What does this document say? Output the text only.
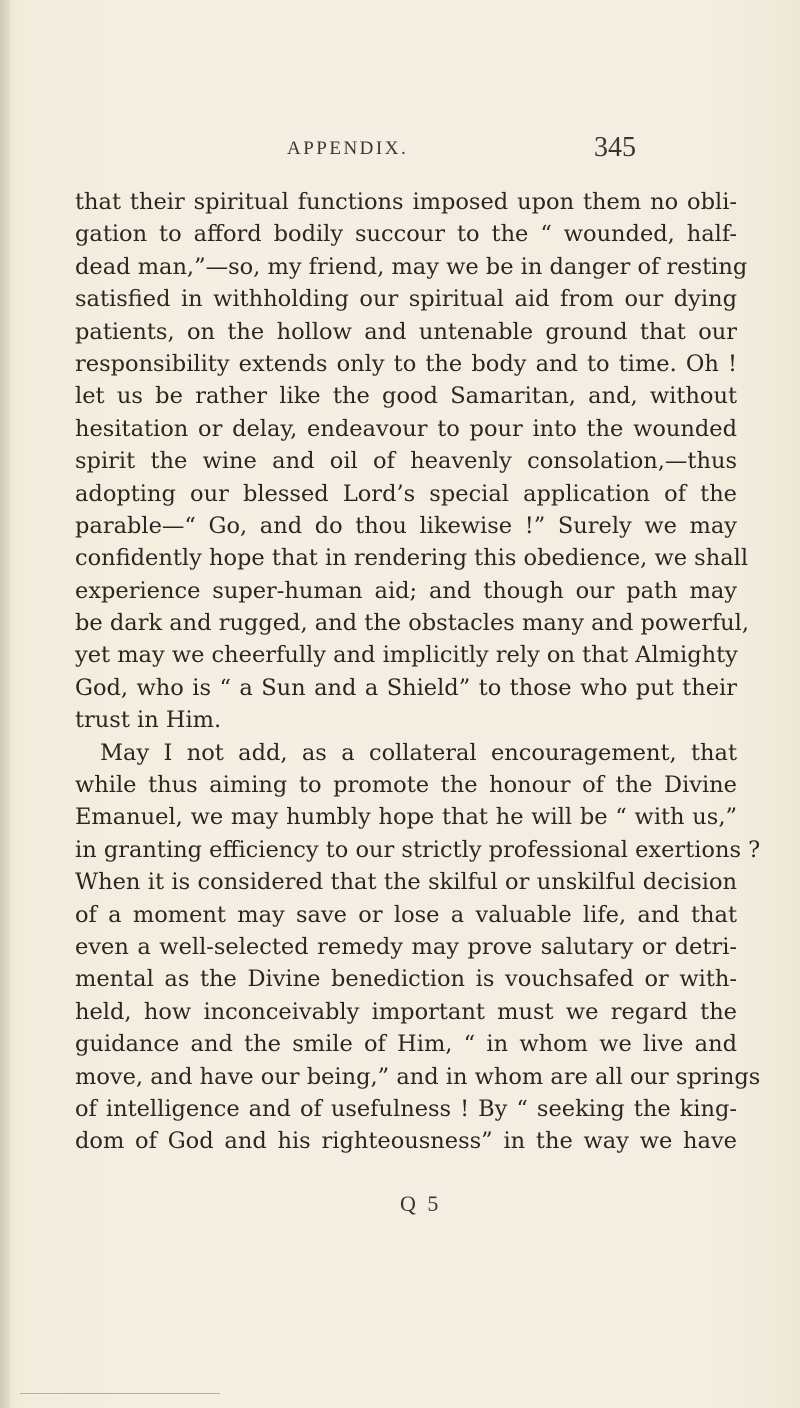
APPENDIX.	345
that their spiritual functions imposed upon them no obli-
gation to afford bodily succour to the “ wounded, half-
dead man,”—so, my friend, may we be in danger of resting
satisfied in withholding our spiritual aid from our dying
patients, on the hollow and untenable ground that our
responsibility extends only to the body and to time. Oh !
let us be rather like the good Samaritan, and, without
hesitation or delay, endeavour to pour into the wounded
spirit the wine and oil of heavenly consolation,—thus
adopting our blessed Lord’s special application of the
parable—“ Go, and do thou likewise !” Surely we may
confidently hope that in rendering this obedience, we shall
experience super-human aid; and though our path may
be dark and rugged, and the obstacles many and powerful,
yet may we cheerfully and implicitly rely on that Almighty
God, who is “ a Sun and a Shield” to those who put their
trust in Him.
May I not add, as a collateral encouragement, that
while thus aiming to promote the honour of the Divine
Emanuel, we may humbly hope that he will be “ with us,”
in granting efficiency to our strictly professional exertions ?
When it is considered that the skilful or unskilful decision
of a moment may save or lose a valuable life, and that
even a well-selected remedy may prove salutary or detri-
mental as the Divine benediction is vouchsafed or with-
held, how inconceivably important must we regard the
guidance and the smile of Him, “ in whom we live and
move, and have our being,” and in whom are all our springs
of intelligence and of usefulness ! By “ seeking the king-
dom of God and his righteousness” in the way we have
Q 5
